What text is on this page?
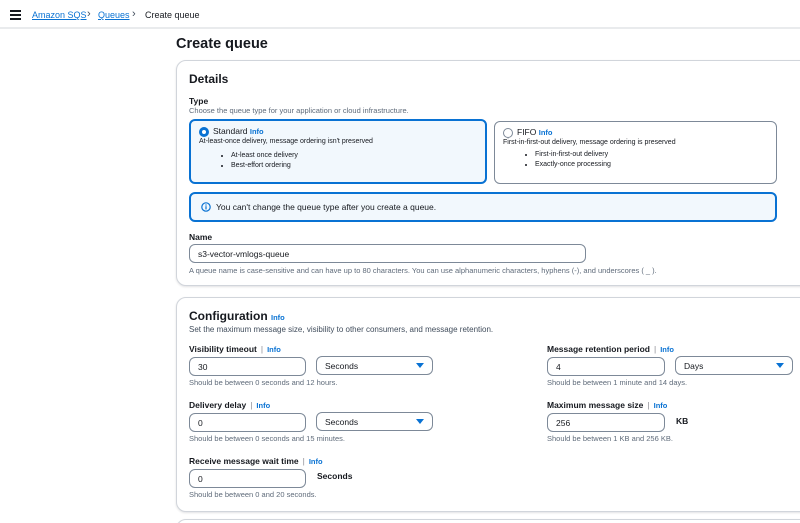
Amazon SQS › Queues › Create queue
Create queue
Details
Type
Choose the queue type for your application or cloud infrastructure.
Standard Info
At-least-once delivery, message ordering isn't preserved
• At-least once delivery
• Best-effort ordering
FIFO Info
First-in-first-out delivery, message ordering is preserved
• First-in-first-out delivery
• Exactly-once processing
You can't change the queue type after you create a queue.
Name
s3-vector-vmlogs-queue
A queue name is case-sensitive and can have up to 80 characters. You can use alphanumeric characters, hyphens (-), and underscores ( _ ).
Configuration Info
Set the maximum message size, visibility to other consumers, and message retention.
Visibility timeout | Info
30	Seconds
Should be between 0 seconds and 12 hours.
Message retention period | Info
4	Days
Should be between 1 minute and 14 days.
Delivery delay | Info
0	Seconds
Should be between 0 seconds and 15 minutes.
Maximum message size | Info
256	KB
Should be between 1 KB and 256 KB.
Receive message wait time | Info
0	Seconds
Should be between 0 and 20 seconds.
